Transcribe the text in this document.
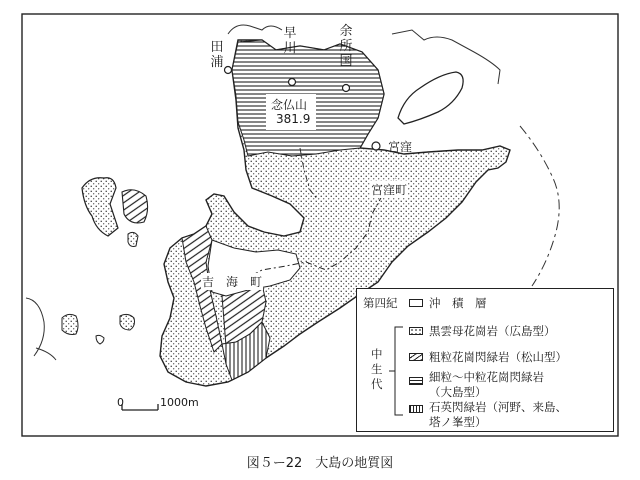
早川
余所国
田浦
念仏山
381.9
宮窪
宮窪町
吉　海　町
0	1000m
第四紀	沖　積　層
中生代
黒雲母花崗岩（広島型）
粗粒花崗閃緑岩（松山型）
細粒～中粒花崗閃緑岩
（大島型）
石英閃緑岩（河野、来島、
塔ノ峯型）
図５ー22　大島の地質図
